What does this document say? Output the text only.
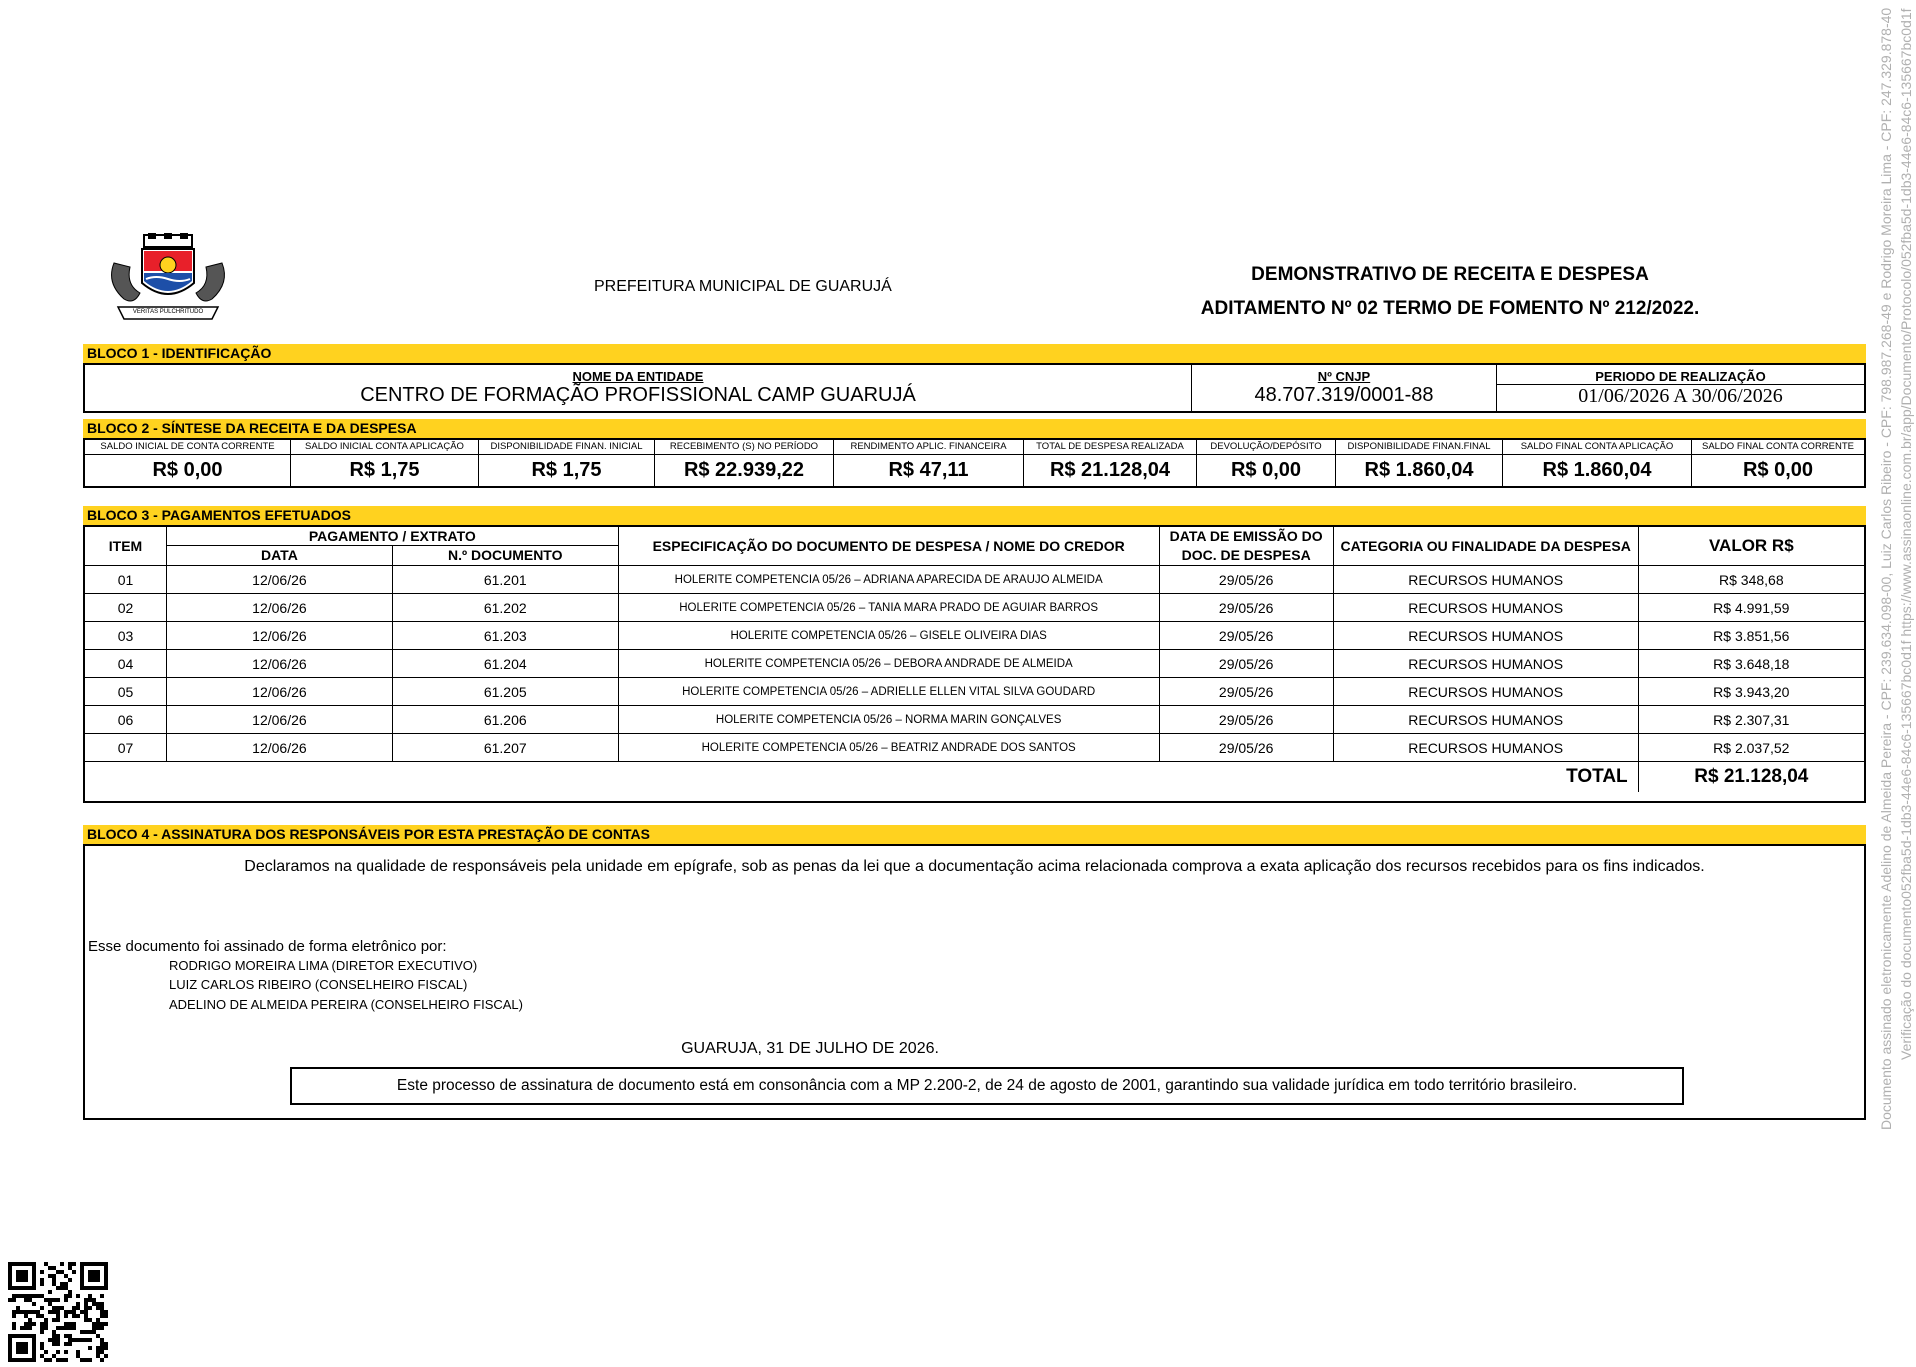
VERITAS PULCHRITUDO
PREFEITURA MUNICIPAL DE GUARUJÁ
DEMONSTRATIVO DE RECEITA E DESPESA
ADITAMENTO Nº 02 TERMO DE FOMENTO Nº 212/2022.
BLOCO 1 - IDENTIFICAÇÃO
NOME DA ENTIDADE
CENTRO DE FORMAÇÃO PROFISSIONAL CAMP GUARUJÁ

Nº CNJP
48.707.319/0001-88

PERIODO DE REALIZAÇÃO
01/06/2026 A 30/06/2026
BLOCO 2 - SÍNTESE DA RECEITA E DA DESPESA
SALDO INICIAL DE CONTA CORRENTE	SALDO INICIAL CONTA APLICAÇÃO	DISPONIBILIDADE FINAN. INICIAL	RECEBIMENTO (S) NO PERÍODO	RENDIMENTO APLIC. FINANCEIRA	TOTAL DE DESPESA REALIZADA	DEVOLUÇÃO/DEPÓSITO	DISPONIBILIDADE FINAN.FINAL	SALDO FINAL CONTA APLICAÇÃO	SALDO FINAL CONTA CORRENTE
R$ 0,00	R$ 1,75	R$ 1,75	R$ 22.939,22	R$ 47,11	R$ 21.128,04	R$ 0,00	R$ 1.860,04	R$ 1.860,04	R$ 0,00
BLOCO 3 - PAGAMENTOS EFETUADOS
ITEM	PAGAMENTO / EXTRATO		ESPECIFICAÇÃO DO DOCUMENTO DE DESPESA / NOME DO CREDOR	DATA DE EMISSÃO DO DOC. DE DESPESA	CATEGORIA OU FINALIDADE DA DESPESA	VALOR R$
	DATA	N.º DOCUMENTO				
01	12/06/26	61.201	HOLERITE COMPETENCIA 05/26 – ADRIANA APARECIDA DE ARAUJO ALMEIDA	29/05/26	RECURSOS HUMANOS	R$ 348,68
02	12/06/26	61.202	HOLERITE COMPETENCIA 05/26 – TANIA MARA PRADO DE AGUIAR BARROS	29/05/26	RECURSOS HUMANOS	R$ 4.991,59
03	12/06/26	61.203	HOLERITE COMPETENCIA 05/26 – GISELE OLIVEIRA DIAS	29/05/26	RECURSOS HUMANOS	R$ 3.851,56
04	12/06/26	61.204	HOLERITE COMPETENCIA 05/26 – DEBORA ANDRADE DE ALMEIDA	29/05/26	RECURSOS HUMANOS	R$ 3.648,18
05	12/06/26	61.205	HOLERITE COMPETENCIA 05/26 – ADRIELLE ELLEN VITAL SILVA GOUDARD	29/05/26	RECURSOS HUMANOS	R$ 3.943,20
06	12/06/26	61.206	HOLERITE COMPETENCIA 05/26 – NORMA MARIN GONÇALVES	29/05/26	RECURSOS HUMANOS	R$ 2.307,31
07	12/06/26	61.207	HOLERITE COMPETENCIA 05/26 – BEATRIZ ANDRADE DOS SANTOS	29/05/26	RECURSOS HUMANOS	R$ 2.037,52
TOTAL						R$ 21.128,04
BLOCO 4 - ASSINATURA DOS RESPONSÁVEIS POR ESTA PRESTAÇÃO DE CONTAS
Declaramos na qualidade de responsáveis pela unidade em epígrafe, sob as penas da lei que a documentação acima relacionada comprova a exata aplicação dos recursos recebidos para os fins indicados.
Esse documento foi assinado de forma eletrônico por:
RODRIGO MOREIRA LIMA (DIRETOR EXECUTIVO)
LUIZ CARLOS RIBEIRO (CONSELHEIRO FISCAL)
ADELINO DE ALMEIDA PEREIRA (CONSELHEIRO FISCAL)
GUARUJA, 31 DE JULHO DE 2026.
Este processo de assinatura de documento está em consonância com a MP 2.200-2, de 24 de agosto de 2001, garantindo sua validade jurídica em todo território brasileiro.	Documento assinado eletronicamente Adelino de Almeida Pereira - CPF: 239.634.098-00, Luiz Carlos Ribeiro - CPF: 798.987.268-49 e Rodrigo Moreira Lima - CPF: 247.329.878-40 Verificação do documento052fba5d-1db3-44e6-84c6-135667bc0d1f https://www.assinaonline.com.br/app/Documento/Protocolo/052fba5d-1db3-44e6-84c6-135667bc0d1f
